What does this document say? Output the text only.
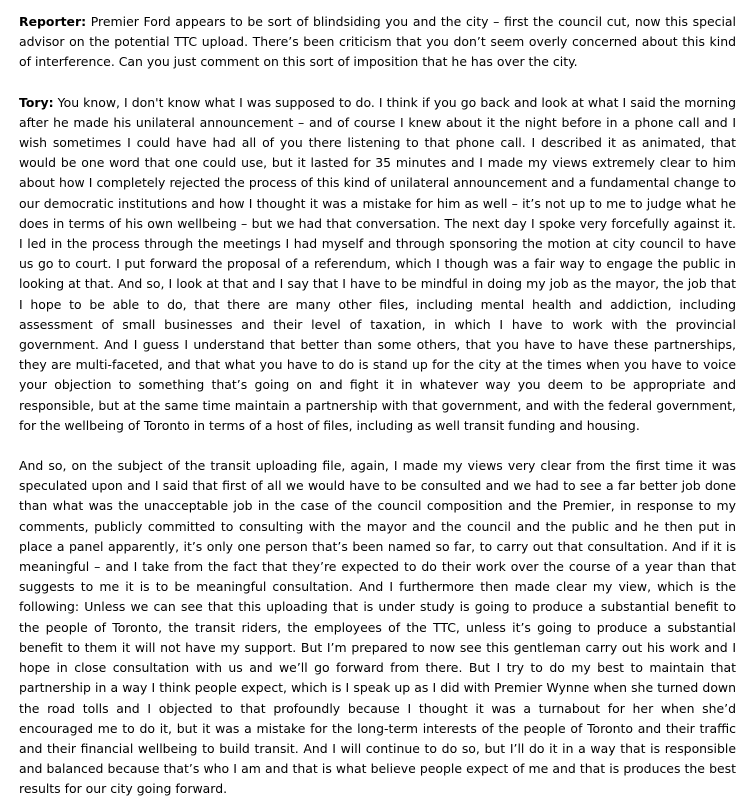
Reporter: Premier Ford appears to be sort of blindsiding you and the city – first the council cut, now this special advisor on the potential TTC upload. There’s been criticism that you don’t seem overly concerned about this kind of interference. Can you just comment on this sort of imposition that he has over the city.

Tory: You know, I don't know what I was supposed to do. I think if you go back and look at what I said the morning after he made his unilateral announcement – and of course I knew about it the night before in a phone call and I wish sometimes I could have had all of you there listening to that phone call. I described it as animated, that would be one word that one could use, but it lasted for 35 minutes and I made my views extremely clear to him about how I completely rejected the process of this kind of unilateral announcement and a fundamental change to our democratic institutions and how I thought it was a mistake for him as well – it’s not up to me to judge what he does in terms of his own wellbeing – but we had that conversation. The next day I spoke very forcefully against it. I led in the process through the meetings I had myself and through sponsoring the motion at city council to have us go to court. I put forward the proposal of a referendum, which I though was a fair way to engage the public in looking at that. And so, I look at that and I say that I have to be mindful in doing my job as the mayor, the job that I hope to be able to do, that there are many other files, including mental health and addiction, including assessment of small businesses and their level of taxation, in which I have to work with the provincial government. And I guess I understand that better than some others, that you have to have these partnerships, they are multi-faceted, and that what you have to do is stand up for the city at the times when you have to voice your objection to something that’s going on and fight it in whatever way you deem to be appropriate and responsible, but at the same time maintain a partnership with that government, and with the federal government, for the wellbeing of Toronto in terms of a host of files, including as well transit funding and housing.

And so, on the subject of the transit uploading file, again, I made my views very clear from the first time it was speculated upon and I said that first of all we would have to be consulted and we had to see a far better job done than what was the unacceptable job in the case of the council composition and the Premier, in response to my comments, publicly committed to consulting with the mayor and the council and the public and he then put in place a panel apparently, it’s only one person that’s been named so far, to carry out that consultation. And if it is meaningful – and I take from the fact that they’re expected to do their work over the course of a year than that suggests to me it is to be meaningful consultation. And I furthermore then made clear my view, which is the following: Unless we can see that this uploading that is under study is going to produce a substantial benefit to the people of Toronto, the transit riders, the employees of the TTC, unless it’s going to produce a substantial benefit to them it will not have my support. But I’m prepared to now see this gentleman carry out his work and I hope in close consultation with us and we’ll go forward from there. But I try to do my best to maintain that partnership in a way I think people expect, which is I speak up as I did with Premier Wynne when she turned down the road tolls and I objected to that profoundly because I thought it was a turnabout for her when she’d encouraged me to do it, but it was a mistake for the long-term interests of the people of Toronto and their traffic and their financial wellbeing to build transit. And I will continue to do so, but I’ll do it in a way that is responsible and balanced because that’s who I am and that is what believe people expect of me and that is produces the best results for our city going forward.
